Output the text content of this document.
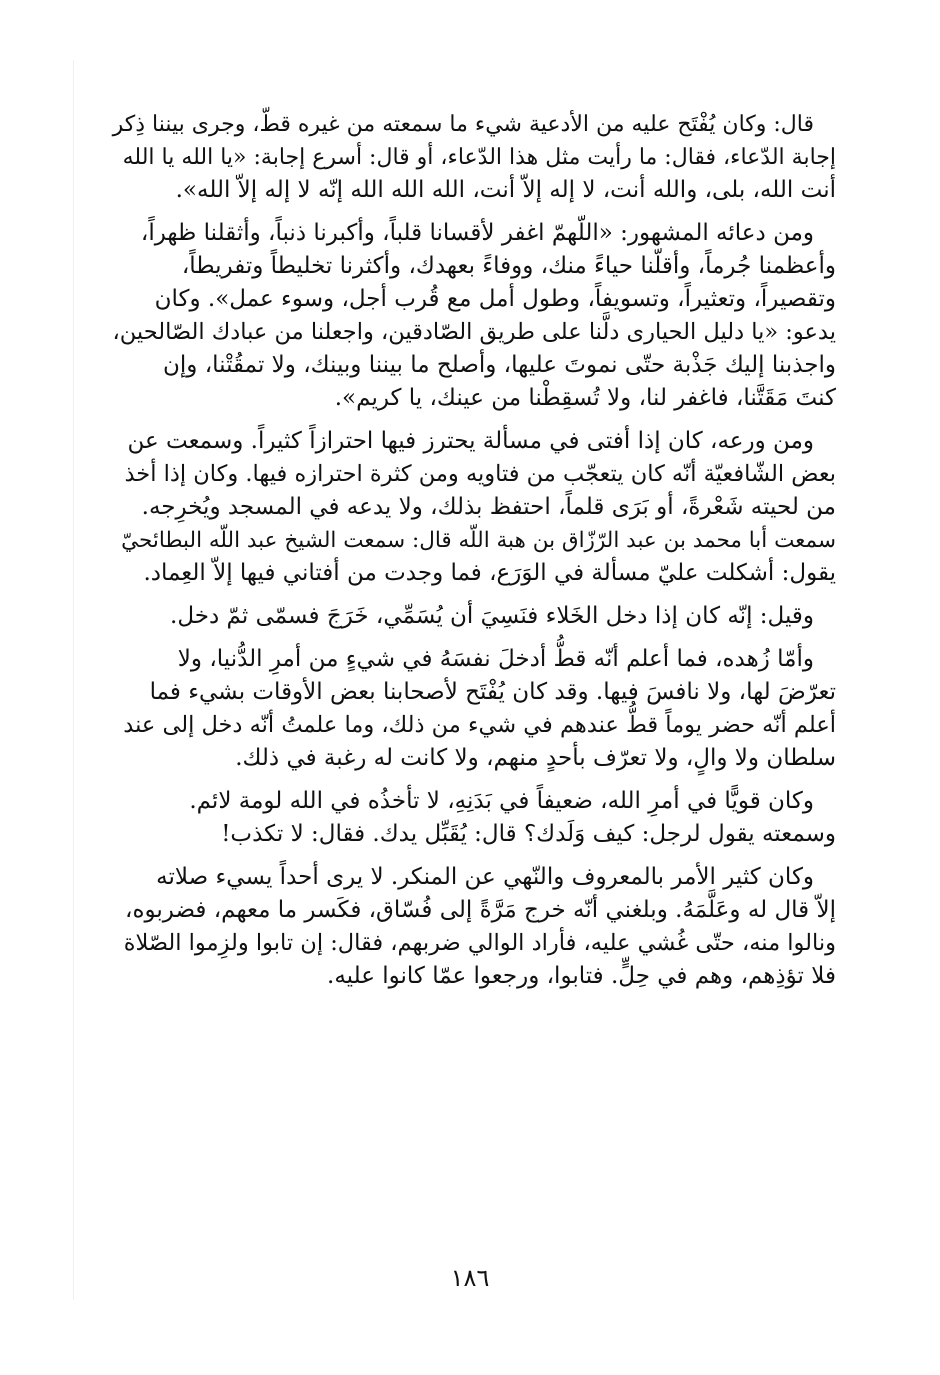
قال: وكان يُفْتَح عليه من الأدعية شيء ما سمعته من غيره قطّ، وجرى بيننا ذِكر
إجابة الدّعاء، فقال: ما رأيت مثل هذا الدّعاء، أو قال: أسرع إجابة: «يا الله يا الله
أنت الله، بلى، والله أنت، لا إله إلاّ أنت، الله الله الله إنّه لا إله إلاّ الله».
ومن دعائه المشهور: «اللّهمّ اغفر لأقسانا قلباً، وأكبرنا ذنباً، وأثقلنا ظهراً،
وأعظمنا جُرماً، وأقلّنا حياءً منك، ووفاءً بعهدك، وأكثرنا تخليطاً وتفريطاً،
وتقصيراً، وتعثيراً، وتسويفاً، وطول أمل مع قُرب أجل، وسوء عمل». وكان
يدعو: «يا دليل الحيارى دلَّنا على طريق الصّادقين، واجعلنا من عبادك الصّالحين،
واجذبنا إليك جَذْبة حتّى نموتَ عليها، وأصلح ما بيننا وبينك، ولا تمقُتْنا، وإن
كنتَ مَقَتَّنا، فاغفر لنا، ولا تُسقِطْنا من عينك، يا كريم».
ومن ورعه، كان إذا أفتى في مسألة يحترز فيها احترازاً كثيراً. وسمعت عن
بعض الشّافعيّة أنّه كان يتعجّب من فتاويه ومن كثرة احترازه فيها. وكان إذا أخذ
من لحيته شَعْرةً، أو بَرَى قلماً، احتفظ بذلك، ولا يدعه في المسجد ويُخرِجه.
سمعت أبا محمد بن عبد الرّزّاق بن هبة اللّه قال: سمعت الشيخ عبد اللّه البطائحيّ
يقول: أشكلت عليّ مسألة في الوَرَع، فما وجدت من أفتاني فيها إلاّ العِماد.
وقيل: إنّه كان إذا دخل الخَلاء فنَسِيَ أن يُسَمِّي، خَرَجَ فسمّى ثمّ دخل.
وأمّا زُهده، فما أعلم أنّه قطُّ أدخلَ نفسَهُ في شيءٍ من أمرِ الدُّنيا، ولا
تعرّضَ لها، ولا نافسَ فيها. وقد كان يُفْتَح لأصحابنا بعض الأوقات بشيء فما
أعلم أنّه حضر يوماً قطُّ عندهم في شيء من ذلك، وما علمتُ أنّه دخل إلى عند
سلطان ولا والٍ، ولا تعرّف بأحدٍ منهم، ولا كانت له رغبة في ذلك.
وكان قويًّا في أمرِ الله، ضعيفاً في بَدَنِهِ، لا تأخذُه في الله لومة لائم.
وسمعته يقول لرجل: كيف وَلَدك؟ قال: يُقَبِّل يدك. فقال: لا تكذب!
وكان كثير الأمر بالمعروف والنّهي عن المنكر. لا يرى أحداً يسيء صلاته
إلاّ قال له وعَلَّمَهُ. وبلغني أنّه خرج مَرَّةً إلى فُسّاق، فكَسر ما معهم، فضربوه،
ونالوا منه، حتّى غُشي عليه، فأراد الوالي ضربهم، فقال: إن تابوا ولزِموا الصّلاة
فلا تؤذِهم، وهم في حِلٍّ. فتابوا، ورجعوا عمّا كانوا عليه.
١٨٦
